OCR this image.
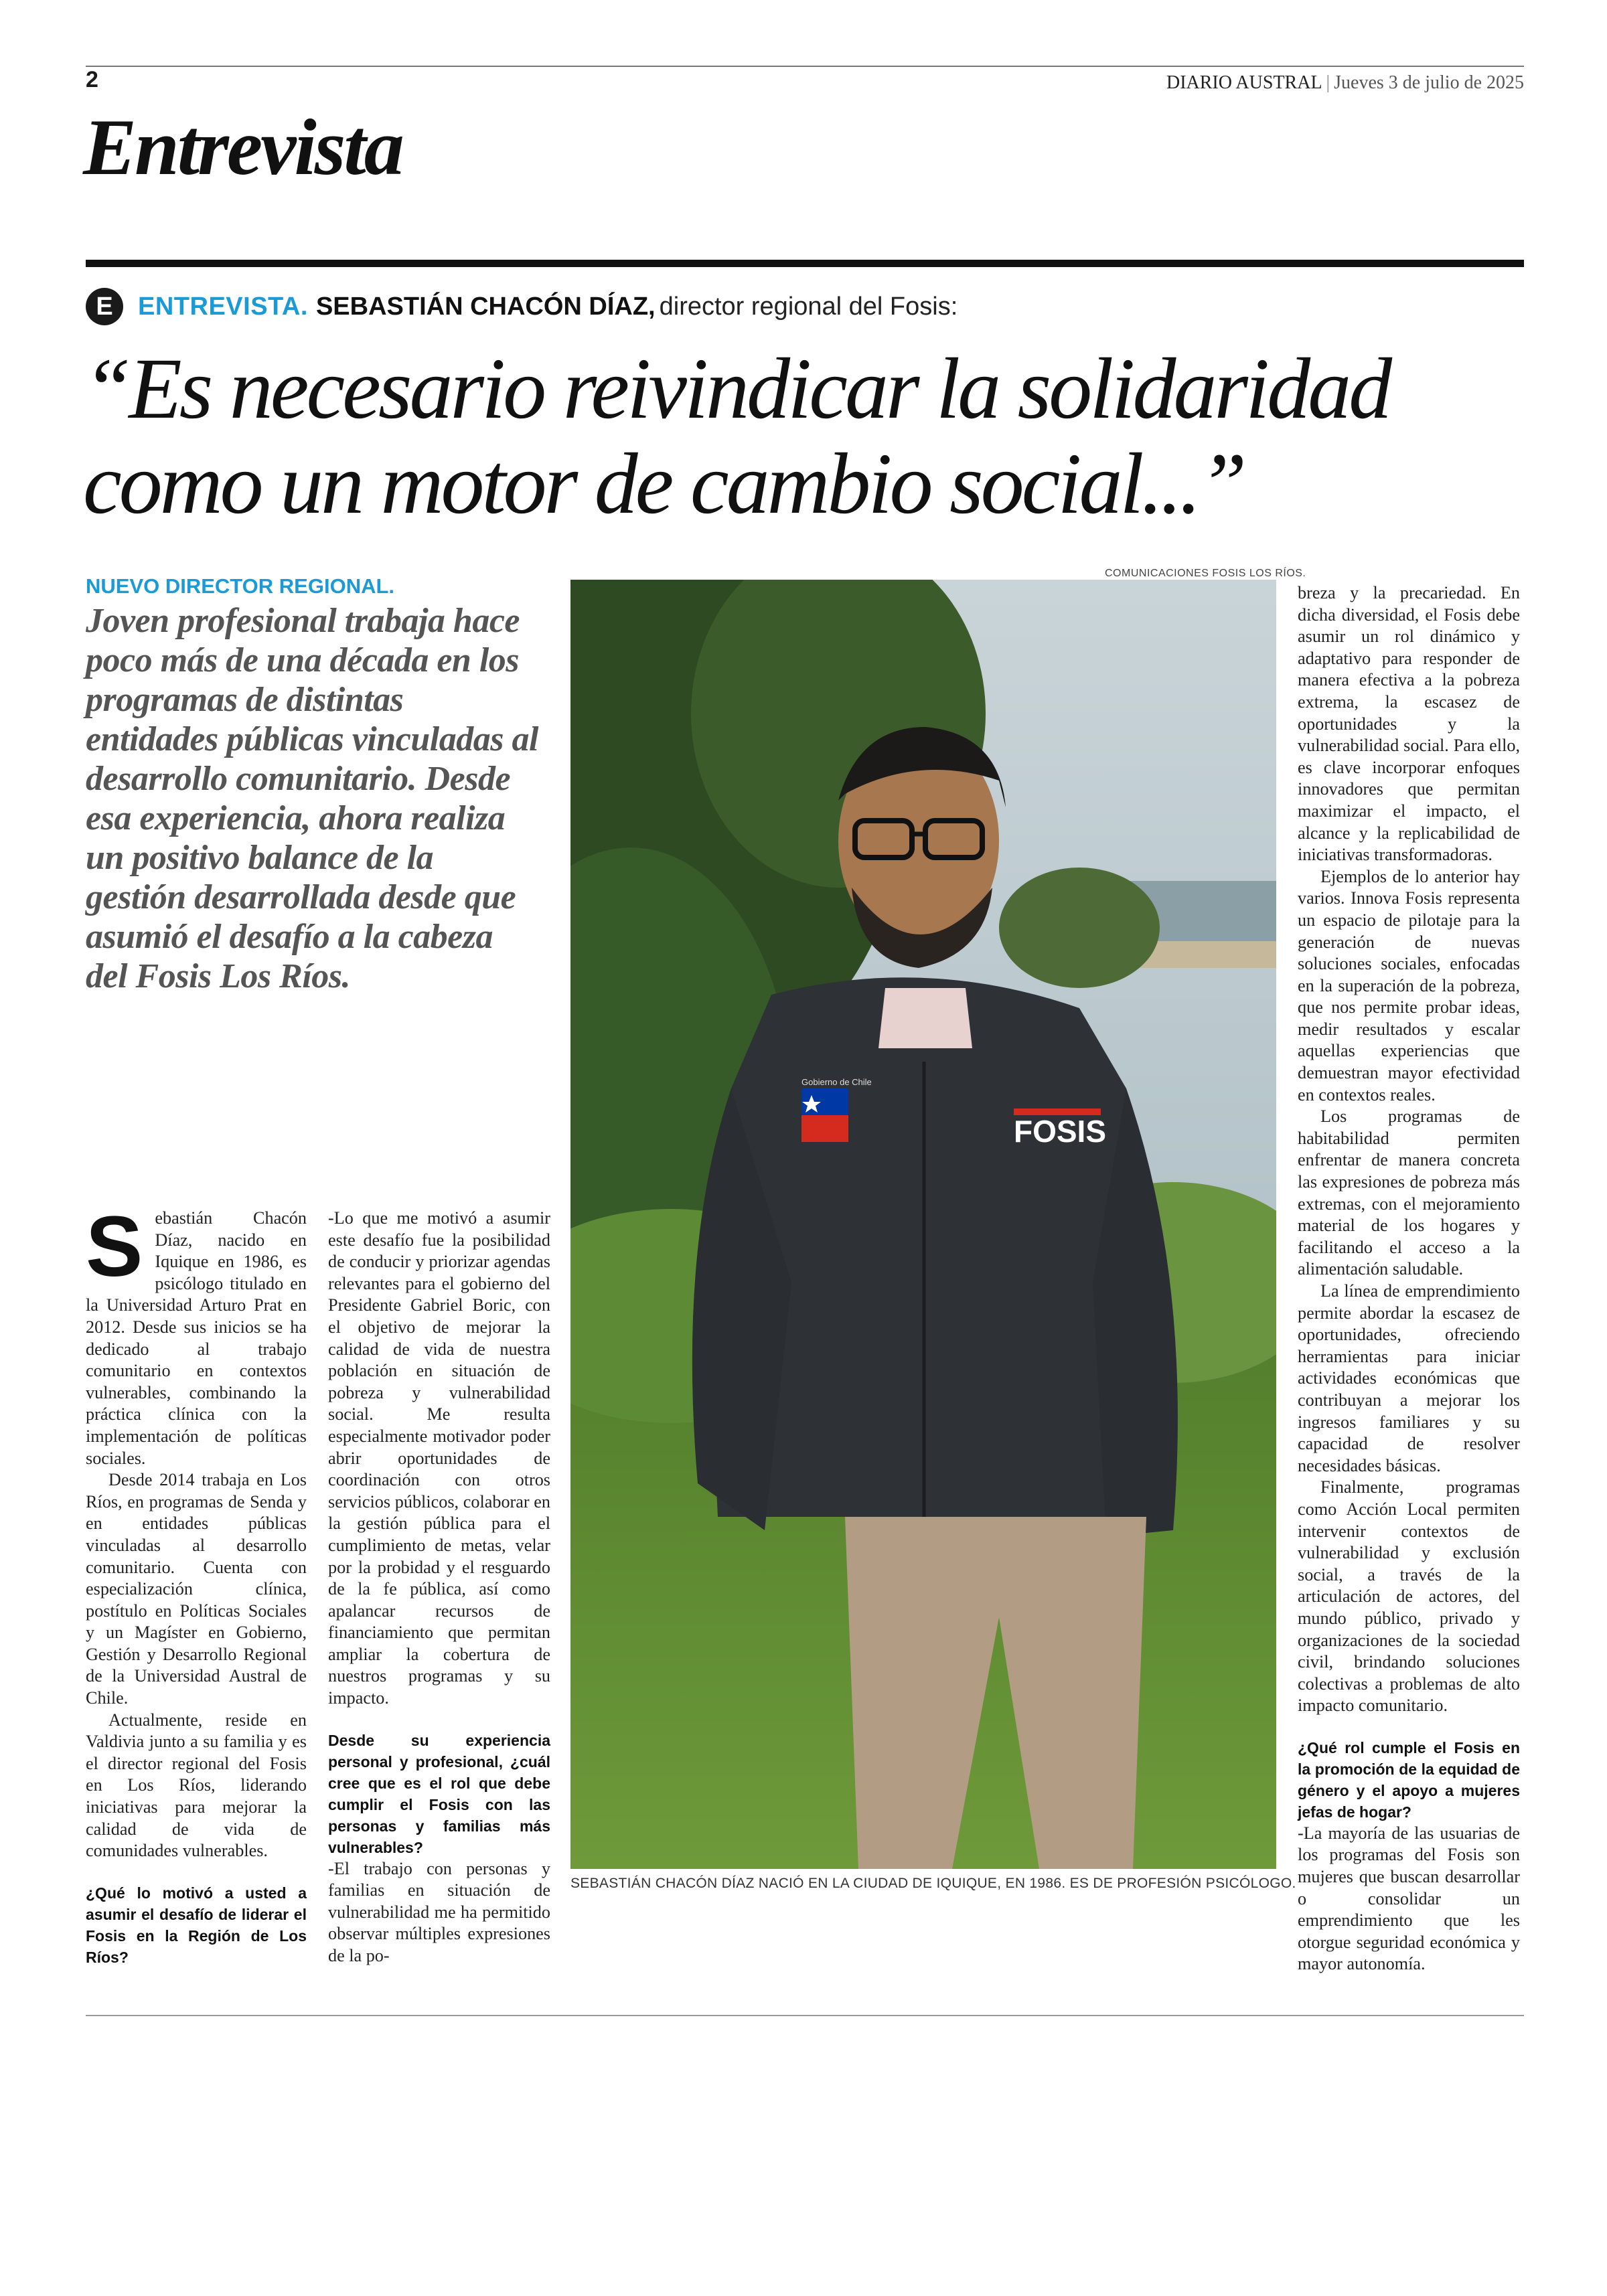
2	DIARIO AUSTRAL | Jueves 3 de julio de 2025
Entrevista
E ENTREVISTA. SEBASTIÁN CHACÓN DÍAZ, director regional del Fosis:
“Es necesario reivindicar la solidaridad como un motor de cambio social...”
NUEVO DIRECTOR REGIONAL.
Joven profesional trabaja hace poco más de una década en los programas de distintas entidades públicas vinculadas al desarrollo comunitario. Desde esa experiencia, ahora realiza un positivo balance de la gestión desarrollada desde que asumió el desafío a la cabeza del Fosis Los Ríos.
COMUNICACIONES FOSIS LOS RÍOS.
Gobierno de Chile
FOSIS
SEBASTIÁN CHACÓN DÍAZ NACIÓ EN LA CIUDAD DE IQUIQUE, EN 1986. ES DE PROFESIÓN PSICÓLOGO.

Sebastián Chacón Díaz, nacido en Iquique en 1986, es psicólogo titulado en la Universidad Arturo Prat en 2012. Desde sus inicios se ha dedicado al trabajo comunitario en contextos vulnerables, combinando la práctica clínica con la implementación de políticas sociales.

Desde 2014 trabaja en Los Ríos, en programas de Senda y en entidades públicas vinculadas al desarrollo comunitario. Cuenta con especialización clínica, postítulo en Políticas Sociales y un Magíster en Gobierno, Gestión y Desarrollo Regional de la Universidad Austral de Chile.

Actualmente, reside en Valdivia junto a su familia y es el director regional del Fosis en Los Ríos, liderando iniciativas para mejorar la calidad de vida de comunidades vulnerables.

¿Qué lo motivó a usted a asumir el desafío de liderar el Fosis en la Región de Los Ríos?

-Lo que me motivó a asumir este desafío fue la posibilidad de conducir y priorizar agendas relevantes para el gobierno del Presidente Gabriel Boric, con el objetivo de mejorar la calidad de vida de nuestra población en situación de pobreza y vulnerabilidad social. Me resulta especialmente motivador poder abrir oportunidades de coordinación con otros servicios públicos, colaborar en la gestión pública para el cumplimiento de metas, velar por la probidad y el resguardo de la fe pública, así como apalancar recursos de financiamiento que permitan ampliar la cobertura de nuestros programas y su impacto.

Desde su experiencia personal y profesional, ¿cuál cree que es el rol que debe cumplir el Fosis con las personas y familias más vulnerables?

-El trabajo con personas y familias en situación de vulnerabilidad me ha permitido observar múltiples expresiones de la po-

breza y la precariedad. En dicha diversidad, el Fosis debe asumir un rol dinámico y adaptativo para responder de manera efectiva a la pobreza extrema, la escasez de oportunidades y la vulnerabilidad social. Para ello, es clave incorporar enfoques innovadores que permitan maximizar el impacto, el alcance y la replicabilidad de iniciativas transformadoras.

Ejemplos de lo anterior hay varios. Innova Fosis representa un espacio de pilotaje para la generación de nuevas soluciones sociales, enfocadas en la superación de la pobreza, que nos permite probar ideas, medir resultados y escalar aquellas experiencias que demuestran mayor efectividad en contextos reales.

Los programas de habitabilidad permiten enfrentar de manera concreta las expresiones de pobreza más extremas, con el mejoramiento material de los hogares y facilitando el acceso a la alimentación saludable.

La línea de emprendimiento permite abordar la escasez de oportunidades, ofreciendo herramientas para iniciar actividades económicas que contribuyan a mejorar los ingresos familiares y su capacidad de resolver necesidades básicas.

Finalmente, programas como Acción Local permiten intervenir contextos de vulnerabilidad y exclusión social, a través de la articulación de actores, del mundo público, privado y organizaciones de la sociedad civil, brindando soluciones colectivas a problemas de alto impacto comunitario.

¿Qué rol cumple el Fosis en la promoción de la equidad de género y el apoyo a mujeres jefas de hogar?

-La mayoría de las usuarias de los programas del Fosis son mujeres que buscan desarrollar o consolidar un emprendimiento que les otorgue seguridad económica y mayor autonomía.
